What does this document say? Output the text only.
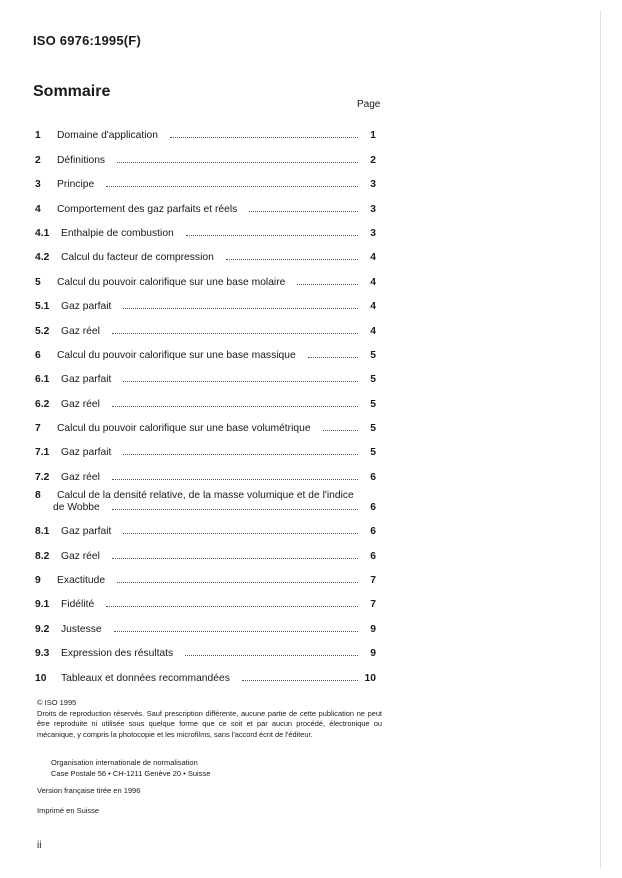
ISO 6976:1995(F)
Sommaire
Page
1	Domaine d'application	1
2	Définitions	2
3	Principe	3
4	Comportement des gaz parfaits et réels	3
4.1	Enthalpie de combustion	3
4.2	Calcul du facteur de compression	4
5	Calcul du pouvoir calorifique sur une base molaire	4
5.1	Gaz parfait	4
5.2	Gaz réel	4
6	Calcul du pouvoir calorifique sur une base massique	5
6.1	Gaz parfait	5
6.2	Gaz réel	5
7	Calcul du pouvoir calorifique sur une base volumétrique	5
7.1	Gaz parfait	5
7.2	Gaz réel	6
8	Calcul de la densité relative, de la masse volumique et de l'indice
de Wobbe	6
8.1	Gaz parfait	6
8.2	Gaz réel	6
9	Exactitude	7
9.1	Fidélité	7
9.2	Justesse	9
9.3	Expression des résultats	9
10	Tableaux et données recommandées	10
© ISO 1995
Droits de reproduction réservés. Sauf prescription différente, aucune partie de cette publication ne peut être reproduite ni utilisée sous quelque forme que ce soit et par aucun procédé, électronique ou mécanique, y compris la photocopie et les microfilms, sans l'accord écrit de l'éditeur.
Organisation internationale de normalisation
Case Postale 56 • CH-1211 Genève 20 • Suisse
Version française tirée en 1996
Imprimé en Suisse
ii
